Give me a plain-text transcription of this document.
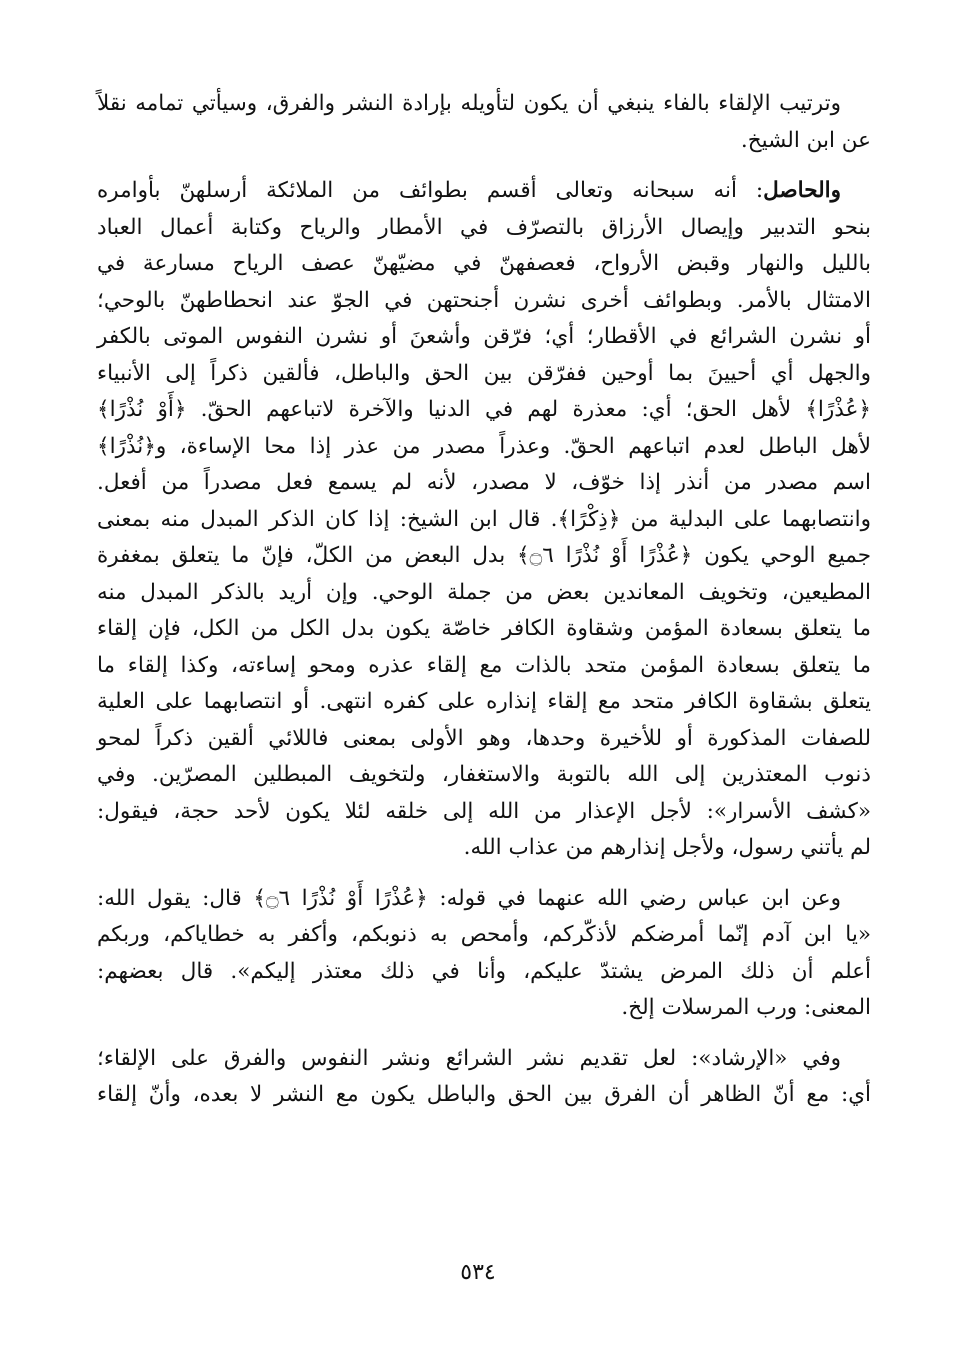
وترتيب الإلقاء بالفاء ينبغي أن يكون لتأويله بإرادة النشر والفرق، وسيأتي تمامه نقلاً
عن ابن الشيخ.
والحاصل: أنه سبحانه وتعالى أقسم بطوائف من الملائكة أرسلهنّ بأوامره
بنحو التدبير وإيصال الأرزاق بالتصرّف في الأمطار والرياح وكتابة أعمال العباد
بالليل والنهار وقبض الأرواح، فعصفهنّ في مضيّهنّ عصف الرياح مسارعة في
الامتثال بالأمر. وبطوائف أخرى نشرن أجنحتهن في الجوّ عند انحطاطهنّ بالوحي؛
أو نشرن الشرائع في الأقطار؛ أي؛ فرّقن وأشعنَ أو نشرن النفوس الموتى بالكفر
والجهل أي أحيينَ بما أوحين ففرّقن بين الحق والباطل، فألقين ذكراً إلى الأنبياء
﴿عُذْرًا﴾ لأهل الحق؛ أي: معذرة لهم في الدنيا والآخرة لاتباعهم الحقّ. ﴿أَوْ نُذْرًا﴾
لأهل الباطل لعدم اتباعهم الحقّ. وعذراً مصدر من عذر إذا محا الإساءة، و﴿نُذْرًا﴾
اسم مصدر من أنذر إذا خوّف، لا مصدر، لأنه لم يسمع فعل مصدراً من أفعل.
وانتصابهما على البدلية من ﴿ذِكْرًا﴾. قال ابن الشيخ: إذا كان الذكر المبدل منه بمعنى
جميع الوحي يكون ﴿عُذْرًا أَوْ نُذْرًا ۝٦﴾ بدل البعض من الكلّ، فإنّ ما يتعلق بمغفرة
المطيعين، وتخويف المعاندين بعض من جملة الوحي. وإن أريد بالذكر المبدل منه
ما يتعلق بسعادة المؤمن وشقاوة الكافر خاصّة يكون بدل الكل من الكل، فإن إلقاء
ما يتعلق بسعادة المؤمن متحد بالذات مع إلقاء عذره ومحو إساءته، وكذا إلقاء ما
يتعلق بشقاوة الكافر متحد مع إلقاء إنذاره على كفره انتهى. أو انتصابهما على العلية
للصفات المذكورة أو للأخيرة وحدها، وهو الأولى بمعنى فاللائي ألقين ذكراً لمحو
ذنوب المعتذرين إلى الله بالتوبة والاستغفار، ولتخويف المبطلين المصرّين. وفي
«كشف الأسرار»: لأجل الإعذار من الله إلى خلقه لئلا يكون لأحد حجة، فيقول:
لم يأتني رسول، ولأجل إنذارهم من عذاب الله.
وعن ابن عباس رضي الله عنهما في قوله: ﴿عُذْرًا أَوْ نُذْرًا ۝٦﴾ قال: يقول الله:
«يا ابن آدم إنّما أمرضكم لأذكّركم، وأمحص به ذنوبكم، وأكفر به خطاياكم، وربكم
أعلم أن ذلك المرض يشتدّ عليكم، وأنا في ذلك معتذر إليكم». قال بعضهم:
المعنى: ورب المرسلات إلخ.
وفي «الإرشاد»: لعل تقديم نشر الشرائع ونشر النفوس والفرق على الإلقاء؛
أي: مع أنّ الظاهر أن الفرق بين الحق والباطل يكون مع النشر لا بعده، وأنّ إلقاء
٥٣٤
